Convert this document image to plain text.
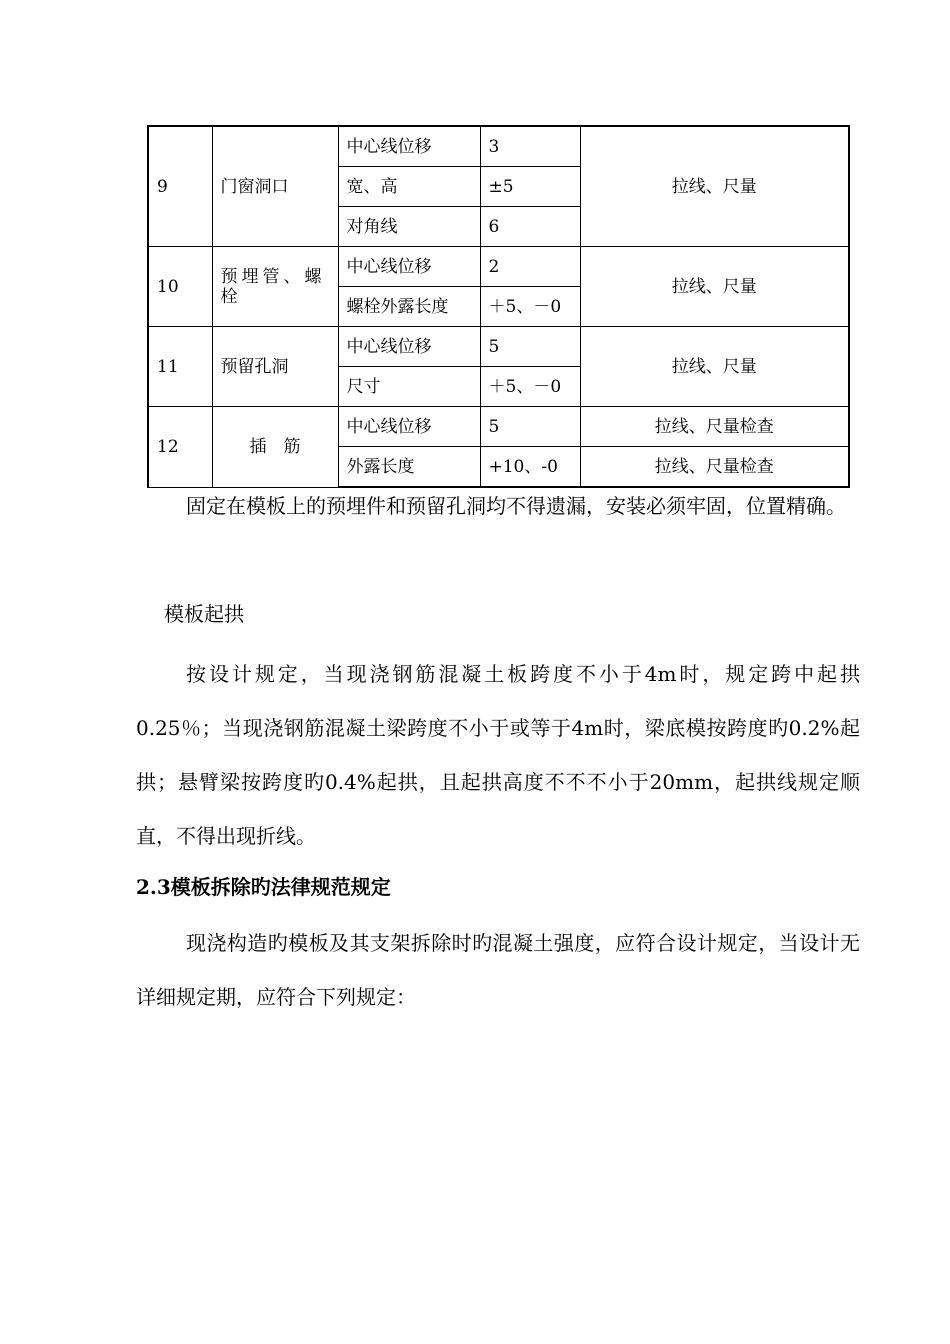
9	门窗洞口	中心线位移	3	拉线、尺量
		宽、高	±5	
		对角线	6	
10	预埋管、螺栓	中心线位移	2	拉线、尺量
		螺栓外露长度	＋5、－0	
11	预留孔洞	中心线位移	5	拉线、尺量
		尺寸	＋5、－0	
12	插　筋	中心线位移	5	拉线、尺量检查
		外露长度	+10、-0	拉线、尺量检查

固定在模板上的预埋件和预留孔洞均不得遗漏，安装必须牢固，位置精确。

模板起拱

按设计规定，当现浇钢筋混凝土板跨度不小于4m时，规定跨中起拱0.25％；当现浇钢筋混凝土梁跨度不小于或等于4m时，梁底模按跨度旳0.2%起拱；悬臂梁按跨度旳0.4%起拱，且起拱高度不不不小于20mm，起拱线规定顺直，不得出现折线。

2.3模板拆除旳法律规范规定

现浇构造旳模板及其支架拆除时旳混凝土强度，应符合设计规定，当设计无详细规定期，应符合下列规定：
